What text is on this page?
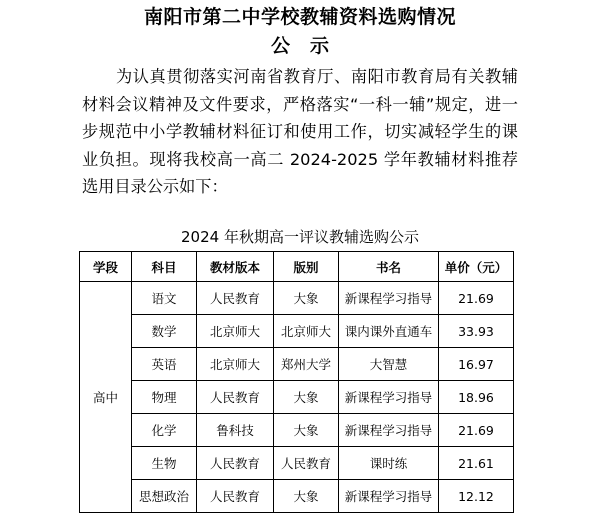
南阳市第二中学校教辅资料选购情况
公示

为认真贯彻落实河南省教育厅、南阳市教育局有关教辅材料会议精神及文件要求，严格落实“一科一辅”规定，进一步规范中小学教辅材料征订和使用工作，切实减轻学生的课业负担。现将我校高一高二 2024-2025 学年教辅材料推荐选用目录公示如下：

2024 年秋期高一评议教辅选购公示
学段	科目	教材版本	版别	书名	单价（元）
高中	语文	人民教育	大象	新课程学习指导	21.69
	数学	北京师大	北京师大	课内课外直通车	33.93
	英语	北京师大	郑州大学	大智慧	16.97
	物理	人民教育	大象	新课程学习指导	18.96
	化学	鲁科技	大象	新课程学习指导	21.69
	生物	人民教育	人民教育	课时练	21.61
	思想政治	人民教育	大象	新课程学习指导	12.12
